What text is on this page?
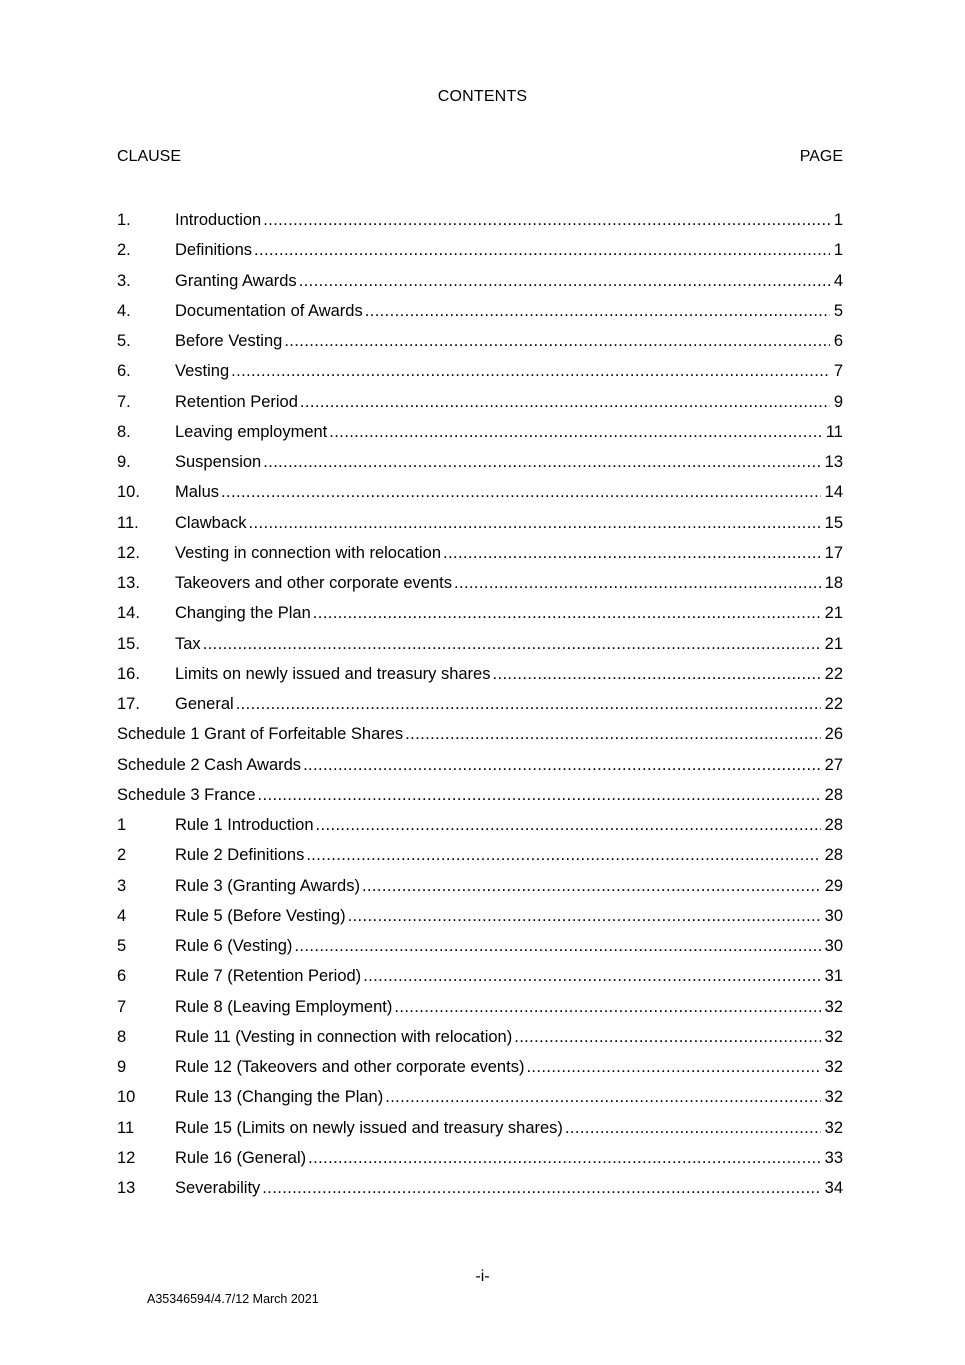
CONTENTS
CLAUSE	PAGE
1.	Introduction .....	1
2.	Definitions .....	1
3.	Granting Awards .....	4
4.	Documentation of Awards .....	5
5.	Before Vesting .....	6
6.	Vesting .....	7
7.	Retention Period .....	9
8.	Leaving employment .....	11
9.	Suspension .....	13
10.	Malus .....	14
11.	Clawback .....	15
12.	Vesting in connection with relocation .....	17
13.	Takeovers and other corporate events .....	18
14.	Changing the Plan .....	21
15.	Tax .....	21
16.	Limits on newly issued and treasury shares .....	22
17.	General .....	22
Schedule 1 Grant of Forfeitable Shares .....	26
Schedule 2 Cash Awards .....	27
Schedule 3 France .....	28
1	Rule 1 Introduction .....	28
2	Rule 2 Definitions .....	28
3	Rule 3 (Granting Awards) .....	29
4	Rule 5 (Before Vesting) .....	30
5	Rule 6 (Vesting) .....	30
6	Rule 7 (Retention Period) .....	31
7	Rule 8 (Leaving Employment) .....	32
8	Rule 11 (Vesting in connection with relocation) .....	32
9	Rule 12 (Takeovers and other corporate events) .....	32
10	Rule 13 (Changing the Plan) .....	32
11	Rule 15 (Limits on newly issued and treasury shares) .....	32
12	Rule 16 (General) .....	33
13	Severability .....	34
-i-
A35346594/4.7/12 March 2021
